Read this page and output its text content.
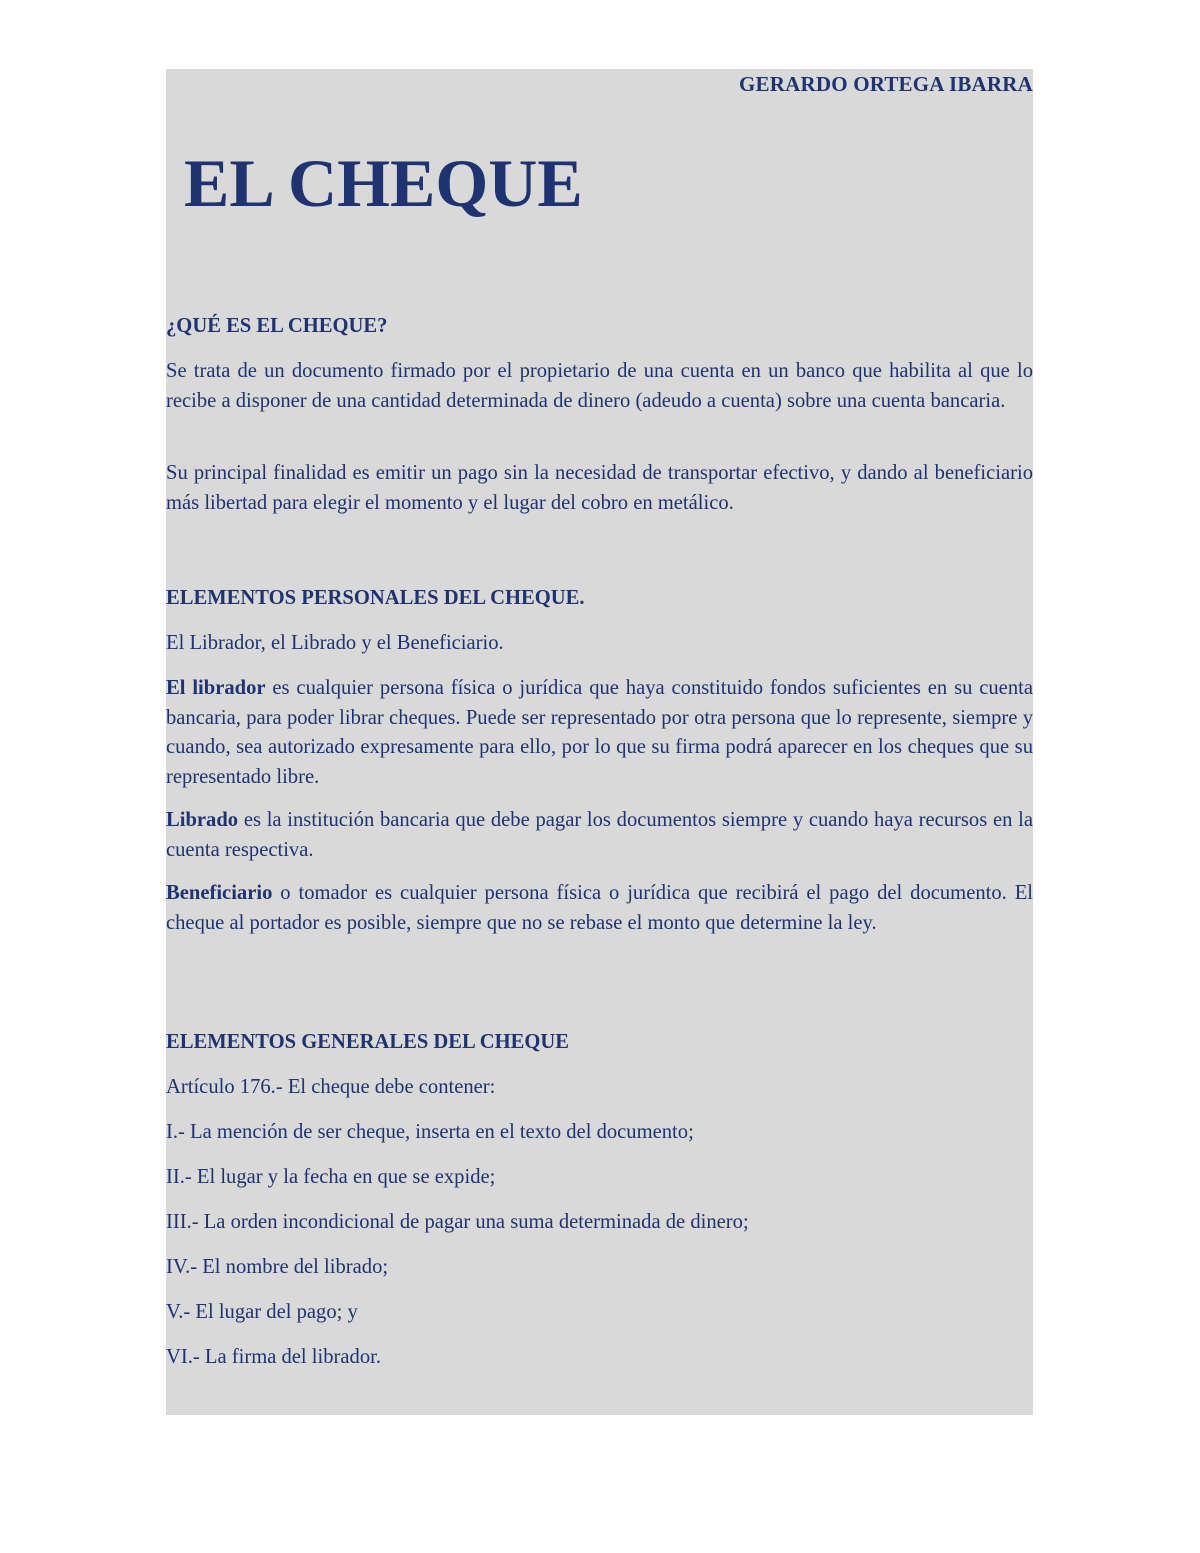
GERARDO ORTEGA IBARRA
EL CHEQUE
¿QUÉ ES EL CHEQUE?
Se trata de un documento firmado por el propietario de una cuenta en un banco que habilita al que lo recibe a disponer de una cantidad determinada de dinero (adeudo a cuenta) sobre una cuenta bancaria.
Su principal finalidad es emitir un pago sin la necesidad de transportar efectivo, y dando al beneficiario más libertad para elegir el momento y el lugar del cobro en metálico.
ELEMENTOS PERSONALES DEL CHEQUE.
El Librador, el Librado y el Beneficiario.
El librador es cualquier persona física o jurídica que haya constituido fondos suficientes en su cuenta bancaria, para poder librar cheques. Puede ser representado por otra persona que lo represente, siempre y cuando, sea autorizado expresamente para ello, por lo que su firma podrá aparecer en los cheques que su representado libre.
Librado es la institución bancaria que debe pagar los documentos siempre y cuando haya recursos en la cuenta respectiva.
Beneficiario o tomador es cualquier persona física o jurídica que recibirá el pago del documento. El cheque al portador es posible, siempre que no se rebase el monto que determine la ley.
ELEMENTOS GENERALES DEL CHEQUE
Artículo 176.- El cheque debe contener:
I.- La mención de ser cheque, inserta en el texto del documento;
II.- El lugar y la fecha en que se expide;
III.- La orden incondicional de pagar una suma determinada de dinero;
IV.- El nombre del librado;
V.- El lugar del pago; y
VI.- La firma del librador.
